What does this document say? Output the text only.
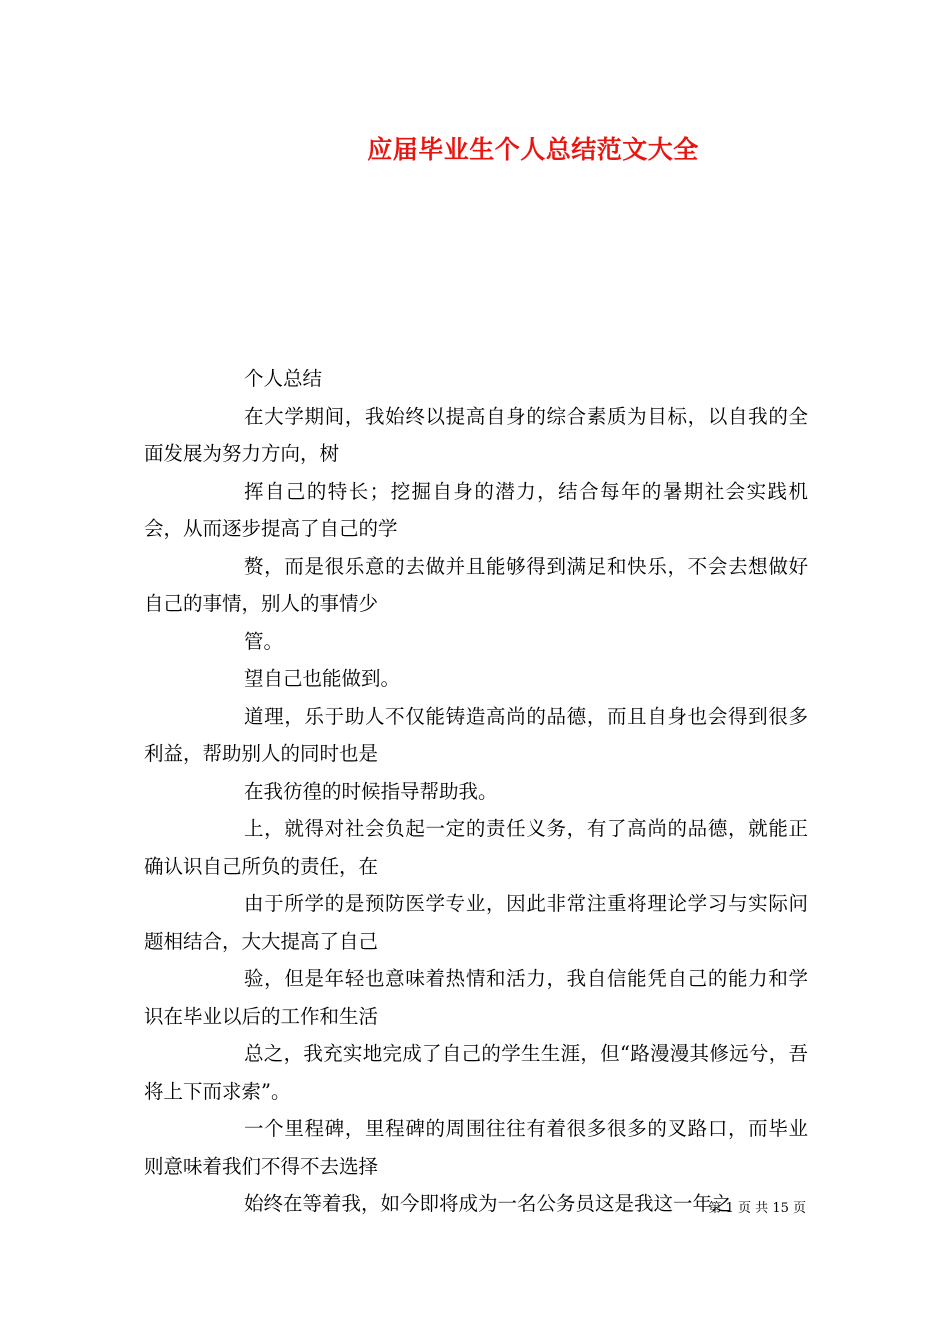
应届毕业生个人总结范文大全

个人总结

在大学期间，我始终以提高自身的综合素质为目标，以自我的全面发展为努力方向，树

挥自己的特长；挖掘自身的潜力，结合每年的暑期社会实践机会，从而逐步提高了自己的学

赘，而是很乐意的去做并且能够得到满足和快乐，不会去想做好自己的事情，别人的事情少

管。

望自己也能做到。

道理，乐于助人不仅能铸造高尚的品德，而且自身也会得到很多利益，帮助别人的同时也是

在我彷徨的时候指导帮助我。

上，就得对社会负起一定的责任义务，有了高尚的品德，就能正确认识自己所负的责任，在

由于所学的是预防医学专业，因此非常注重将理论学习与实际问题相结合，大大提高了自己

验，但是年轻也意味着热情和活力，我自信能凭自己的能力和学识在毕业以后的工作和生活

总之，我充实地完成了自己的学生生涯，但“路漫漫其修远兮，吾将上下而求索”。

一个里程碑，里程碑的周围往往有着很多很多的叉路口，而毕业则意味着我们不得不去选择

始终在等着我，如今即将成为一名公务员这是我这一年之

第 1 页 共 15 页
